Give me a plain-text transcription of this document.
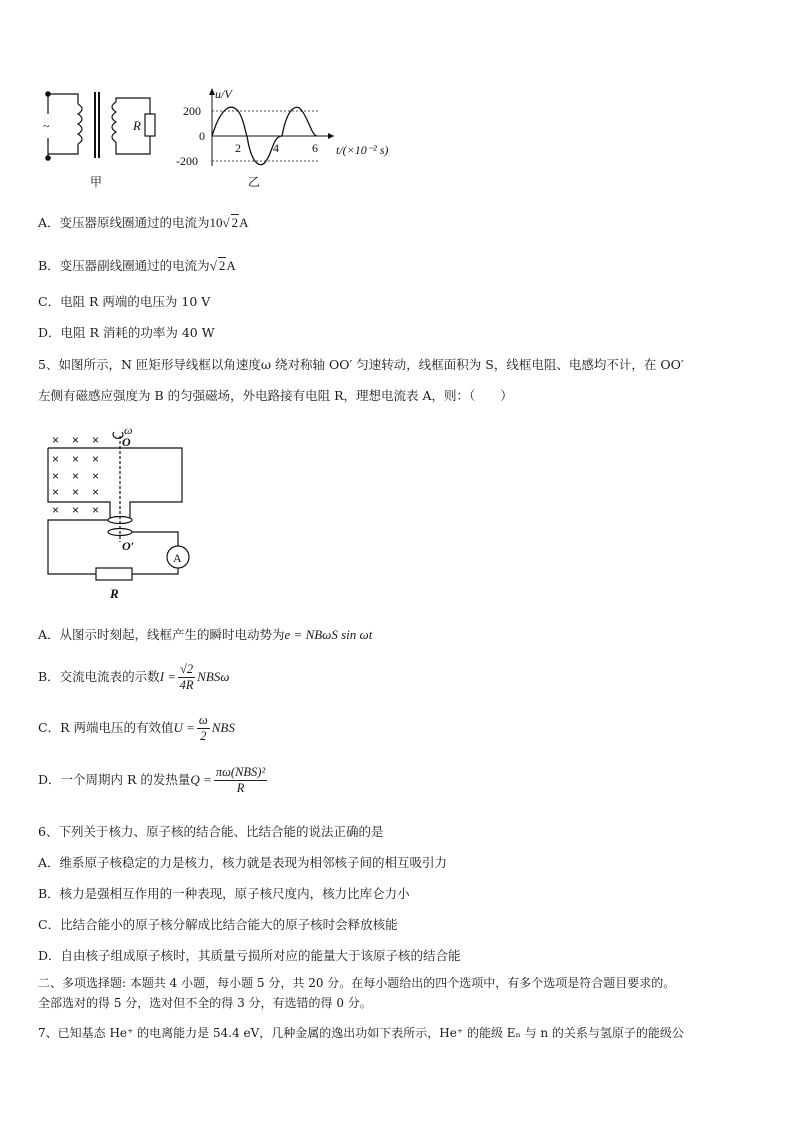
~	R
甲
u/V
200
0
-200
2	4	6 t/(×10⁻² s)
乙
A．变压器原线圈通过的电流为10√ 2A
B．变压器副线圈通过的电流为√ 2A
C．电阻 R 两端的电压为 10 V
D．电阻 R 消耗的功率为 40 W
5、如图所示，N 匝矩形导线框以角速度ω 绕对称轴 OO′ 匀速转动，线框面积为 S，线框电阻、电感均不计，在 OO′
左侧有磁感应强度为 B 的匀强磁场，外电路接有电阻 R，理想电流表 A，则：（　　）
× × ×
× × ×
× × ×
× × ×
× × ×
ω
O
O′
A
R
A．从图示时刻起，线框产生的瞬时电动势为e = NBωS sin ωt
B．交流电流表的示数$I = \frac{√2}{4R}$ NBSω
C．R 两端电压的有效值$U = \frac{\omega}{2}$ NBS
D．一个周期内 R 的发热量$Q = \frac{\text{πω(NBS)²}}{R}$
6、下列关于核力、原子核的结合能、比结合能的说法正确的是
A．维系原子核稳定的力是核力，核力就是表现为相邻核子间的相互吸引力
B．核力是强相互作用的一种表现，原子核尺度内，核力比库仑力小
C．比结合能小的原子核分解成比结合能大的原子核时会释放核能
D．自由核子组成原子核时，其质量亏损所对应的能量大于该原子核的结合能
二、多项选择题: 本题共 4 小题，每小题 5 分，共 20 分。在每小题给出的四个选项中，有多个选项是符合题目要求的。
全部选对的得 5 分，选对但不全的得 3 分，有选错的得 0 分。
7、已知基态 He⁺ 的电离能力是 54.4 eV，几种金属的逸出功如下表所示，He⁺ 的能级 Eₙ 与 n 的关系与氢原子的能级公
